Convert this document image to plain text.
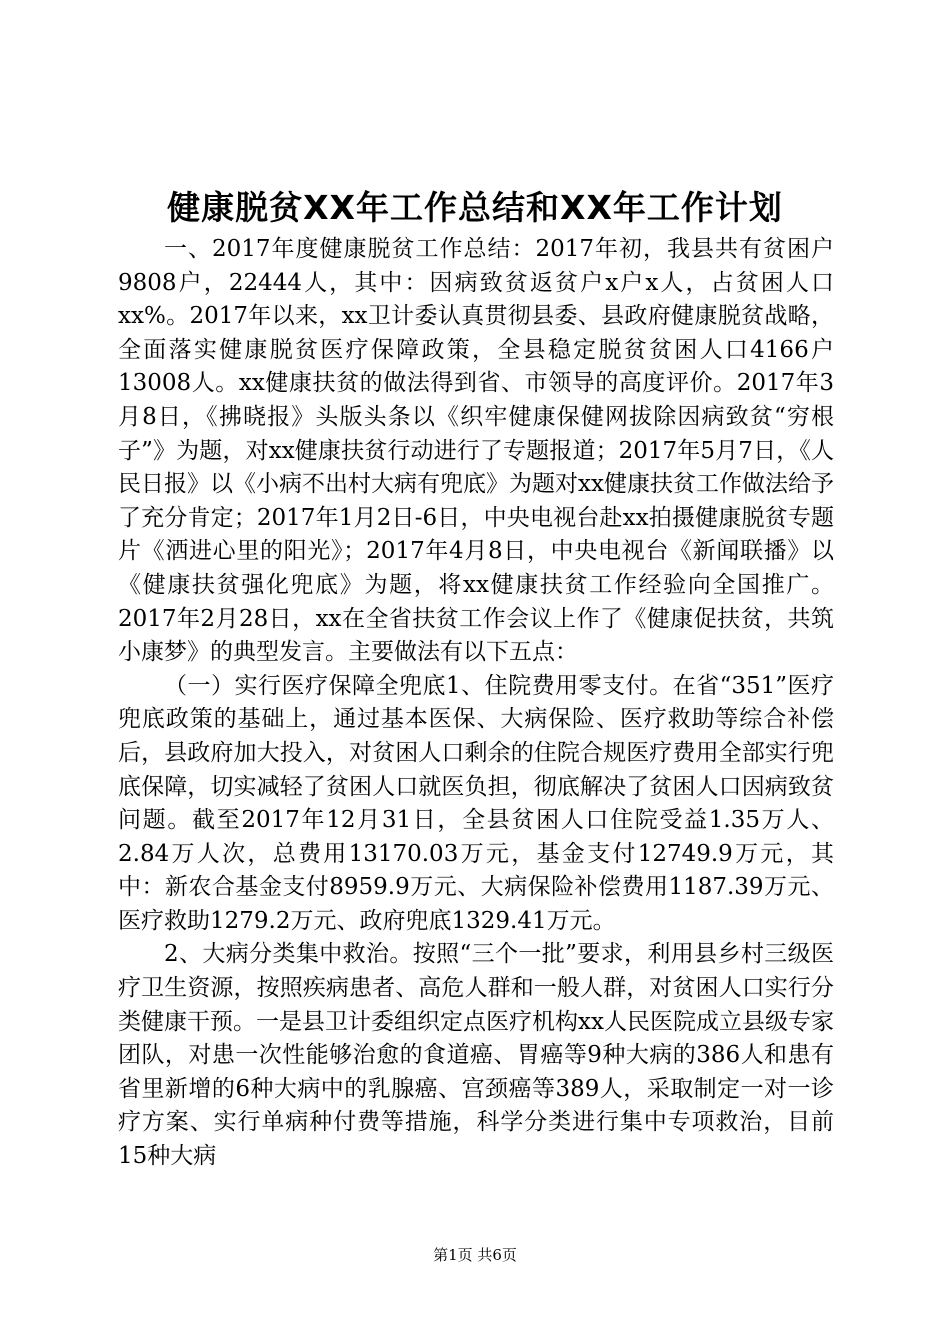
健康脱贫XX年工作总结和XX年工作计划

一、2017年度健康脱贫工作总结：2017年初，我县共有贫困户9808户，22444人，其中：因病致贫返贫户x户x人，占贫困人口xx%。2017年以来，xx卫计委认真贯彻县委、县政府健康脱贫战略，全面落实健康脱贫医疗保障政策，全县稳定脱贫贫困人口4166户13008人。xx健康扶贫的做法得到省、市领导的高度评价。2017年3月8日，《拂晓报》头版头条以《织牢健康保健网拔除因病致贫“穷根子”》为题，对xx健康扶贫行动进行了专题报道；2017年5月7日，《人民日报》以《小病不出村大病有兜底》为题对xx健康扶贫工作做法给予了充分肯定；2017年1月2日-6日，中央电视台赴xx拍摄健康脱贫专题片《洒进心里的阳光》；2017年4月8日，中央电视台《新闻联播》以《健康扶贫强化兜底》为题，将xx健康扶贫工作经验向全国推广。2017年2月28日，xx在全省扶贫工作会议上作了《健康促扶贫，共筑小康梦》的典型发言。主要做法有以下五点：

（一）实行医疗保障全兜底1、住院费用零支付。在省“351”医疗兜底政策的基础上，通过基本医保、大病保险、医疗救助等综合补偿后，县政府加大投入，对贫困人口剩余的住院合规医疗费用全部实行兜底保障，切实减轻了贫困人口就医负担，彻底解决了贫困人口因病致贫问题。截至2017年12月31日，全县贫困人口住院受益1.35万人、2.84万人次，总费用13170.03万元，基金支付12749.9万元，其中：新农合基金支付8959.9万元、大病保险补偿费用1187.39万元、医疗救助1279.2万元、政府兜底1329.41万元。

2、大病分类集中救治。按照“三个一批”要求，利用县乡村三级医疗卫生资源，按照疾病患者、高危人群和一般人群，对贫困人口实行分类健康干预。一是县卫计委组织定点医疗机构xx人民医院成立县级专家团队，对患一次性能够治愈的食道癌、胃癌等9种大病的386人和患有省里新增的6种大病中的乳腺癌、宫颈癌等389人，采取制定一对一诊疗方案、实行单病种付费等措施，科学分类进行集中专项救治，目前15种大病

第1页 共6页
